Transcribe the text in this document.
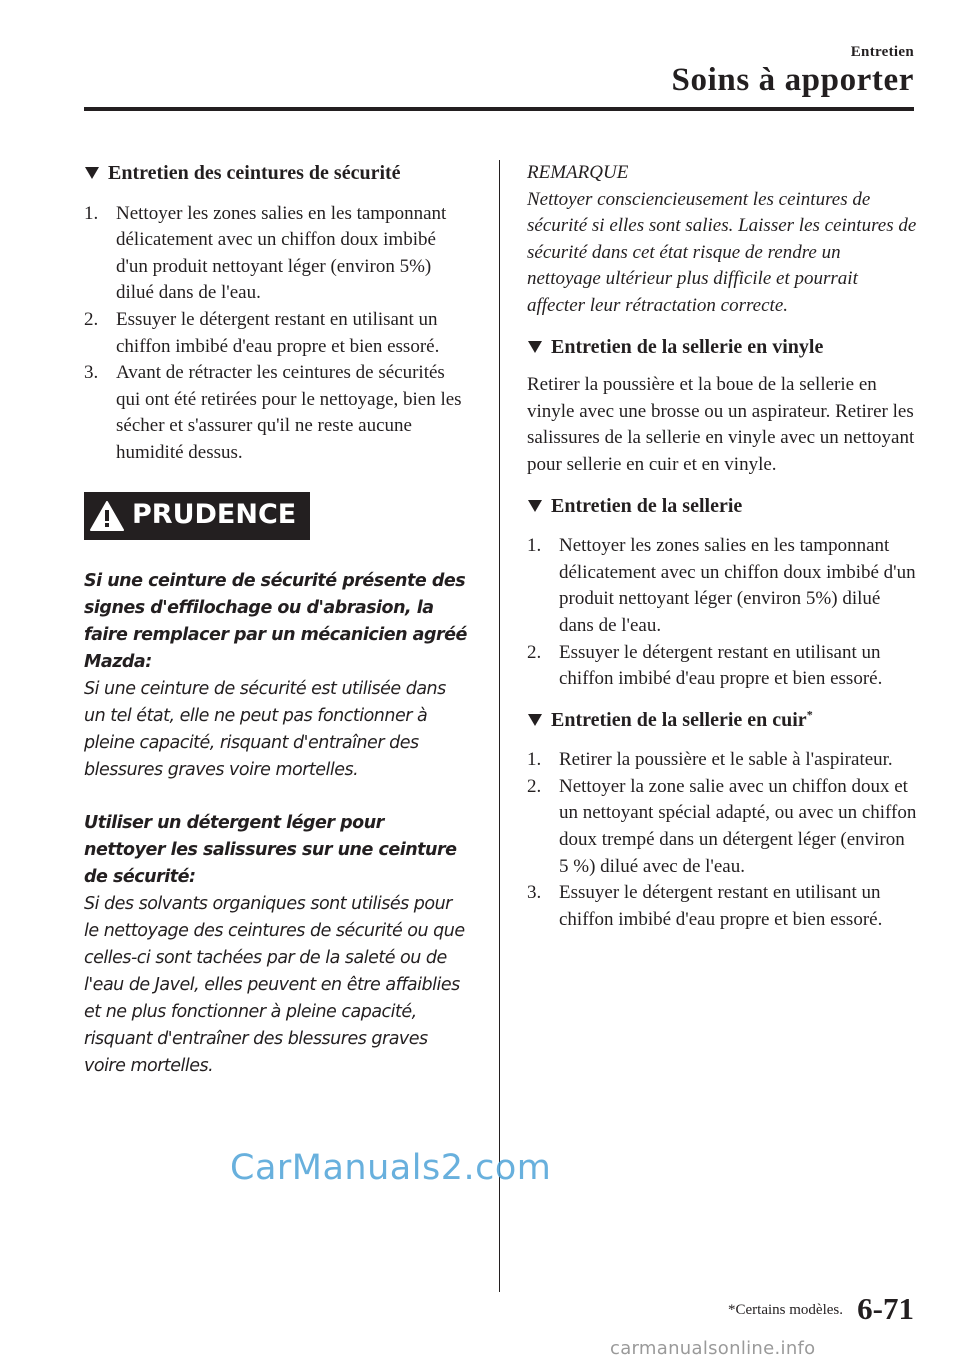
Entretien
Soins à apporter
Entretien des ceintures de sécurité
1. Nettoyer les zones salies en les tamponnant délicatement avec un chiffon doux imbibé d'un produit nettoyant léger (environ 5%) dilué dans de l'eau.
2. Essuyer le détergent restant en utilisant un chiffon imbibé d'eau propre et bien essoré.
3. Avant de rétracter les ceintures de sécurités qui ont été retirées pour le nettoyage, bien les sécher et s'assurer qu'il ne reste aucune humidité dessus.
PRUDENCE
Si une ceinture de sécurité présente des signes d'effilochage ou d'abrasion, la faire remplacer par un mécanicien agréé Mazda:
Si une ceinture de sécurité est utilisée dans un tel état, elle ne peut pas fonctionner à pleine capacité, risquant d'entraîner des blessures graves voire mortelles.
Utiliser un détergent léger pour nettoyer les salissures sur une ceinture de sécurité:
Si des solvants organiques sont utilisés pour le nettoyage des ceintures de sécurité ou que celles-ci sont tachées par de la saleté ou de l'eau de Javel, elles peuvent en être affaiblies et ne plus fonctionner à pleine capacité, risquant d'entraîner des blessures graves voire mortelles.
REMARQUE
Nettoyer consciencieusement les ceintures de sécurité si elles sont salies. Laisser les ceintures de sécurité dans cet état risque de rendre un nettoyage ultérieur plus difficile et pourrait affecter leur rétractation correcte.
Entretien de la sellerie en vinyle

Retirer la poussière et la boue de la sellerie en vinyle avec une brosse ou un aspirateur. Retirer les salissures de la sellerie en vinyle avec un nettoyant pour sellerie en cuir et en vinyle.

Entretien de la sellerie
1. Nettoyer les zones salies en les tamponnant délicatement avec un chiffon doux imbibé d'un produit nettoyant léger (environ 5%) dilué dans de l'eau.
2. Essuyer le détergent restant en utilisant un chiffon imbibé d'eau propre et bien essoré.
Entretien de la sellerie en cuir*
1. Retirer la poussière et le sable à l'aspirateur.
2. Nettoyer la zone salie avec un chiffon doux et un nettoyant spécial adapté, ou avec un chiffon doux trempé dans un détergent léger (environ 5 %) dilué avec de l'eau.
3. Essuyer le détergent restant en utilisant un chiffon imbibé d'eau propre et bien essoré.
CarManuals2.com
*Certains modèles. 6-71
carmanualsonline.info
